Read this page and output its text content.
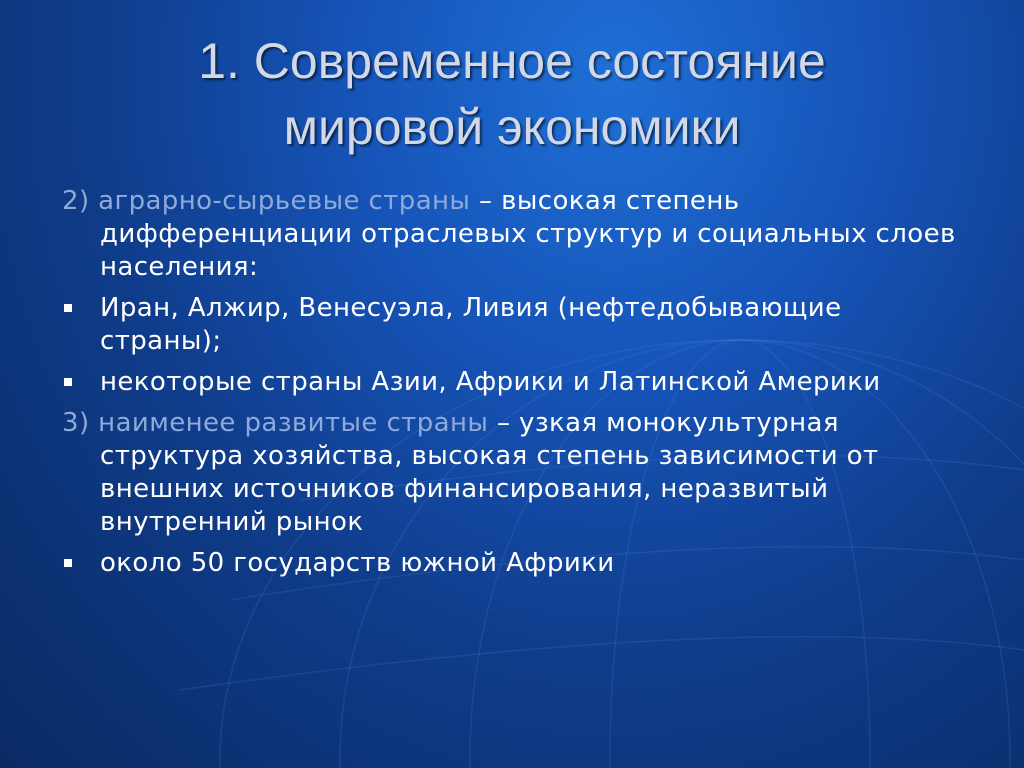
1. Современное состояние
мировой экономики
2) аграрно-сырьевые страны – высокая степень дифференциации отраслевых структур и социальных слоев населения:
Иран, Алжир, Венесуэла, Ливия (нефтедобывающие страны);
некоторые страны Азии, Африки и Латинской Америки
3) наименее развитые страны – узкая монокультурная структура хозяйства, высокая степень зависимости от внешних источников финансирования, неразвитый внутренний рынок
около 50 государств южной Африки
